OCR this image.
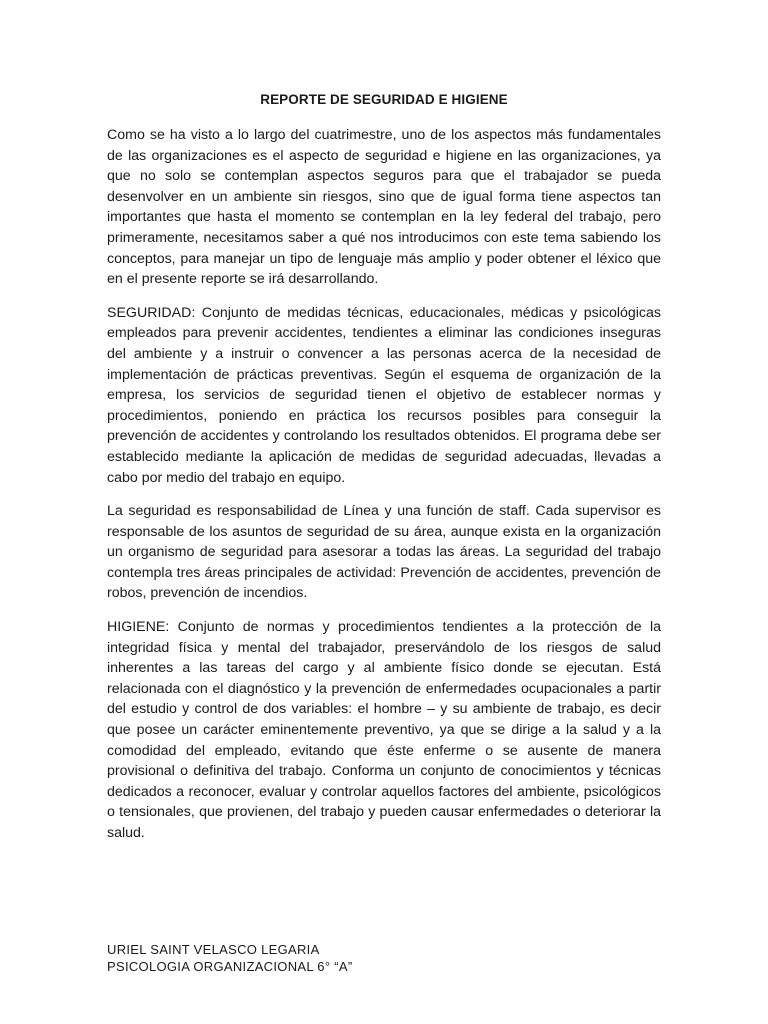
REPORTE DE SEGURIDAD E HIGIENE

Como se ha visto a lo largo del cuatrimestre, uno de los aspectos más fundamentales de las organizaciones es el aspecto de seguridad e higiene en las organizaciones, ya que no solo se contemplan aspectos seguros para que el trabajador se pueda desenvolver en un ambiente sin riesgos, sino que de igual forma tiene aspectos tan importantes que hasta el momento se contemplan en la ley federal del trabajo, pero primeramente, necesitamos saber a qué nos introducimos con este tema sabiendo los conceptos, para manejar un tipo de lenguaje más amplio y poder obtener el léxico que en el presente reporte se irá desarrollando.

SEGURIDAD: Conjunto de medidas técnicas, educacionales, médicas y psicológicas empleados para prevenir accidentes, tendientes a eliminar las condiciones inseguras del ambiente y a instruir o convencer a las personas acerca de la necesidad de implementación de prácticas preventivas. Según el esquema de organización de la empresa, los servicios de seguridad tienen el objetivo de establecer normas y procedimientos, poniendo en práctica los recursos posibles para conseguir la prevención de accidentes y controlando los resultados obtenidos. El programa debe ser establecido mediante la aplicación de medidas de seguridad adecuadas, llevadas a cabo por medio del trabajo en equipo.

La seguridad es responsabilidad de Línea y una función de staff. Cada supervisor es responsable de los asuntos de seguridad de su área, aunque exista en la organización un organismo de seguridad para asesorar a todas las áreas. La seguridad del trabajo contempla tres áreas principales de actividad: Prevención de accidentes, prevención de robos, prevención de incendios.

HIGIENE: Conjunto de normas y procedimientos tendientes a la protección de la integridad física y mental del trabajador, preservándolo de los riesgos de salud inherentes a las tareas del cargo y al ambiente físico donde se ejecutan. Está relacionada con el diagnóstico y la prevención de enfermedades ocupacionales a partir del estudio y control de dos variables: el hombre – y su ambiente de trabajo, es decir que posee un carácter eminentemente preventivo, ya que se dirige a la salud y a la comodidad del empleado, evitando que éste enferme o se ausente de manera provisional o definitiva del trabajo. Conforma un conjunto de conocimientos y técnicas dedicados a reconocer, evaluar y controlar aquellos factores del ambiente, psicológicos o tensionales, que provienen, del trabajo y pueden causar enfermedades o deteriorar la salud.

URIEL SAINT VELASCO LEGARIA
PSICOLOGIA ORGANIZACIONAL 6° “A”
